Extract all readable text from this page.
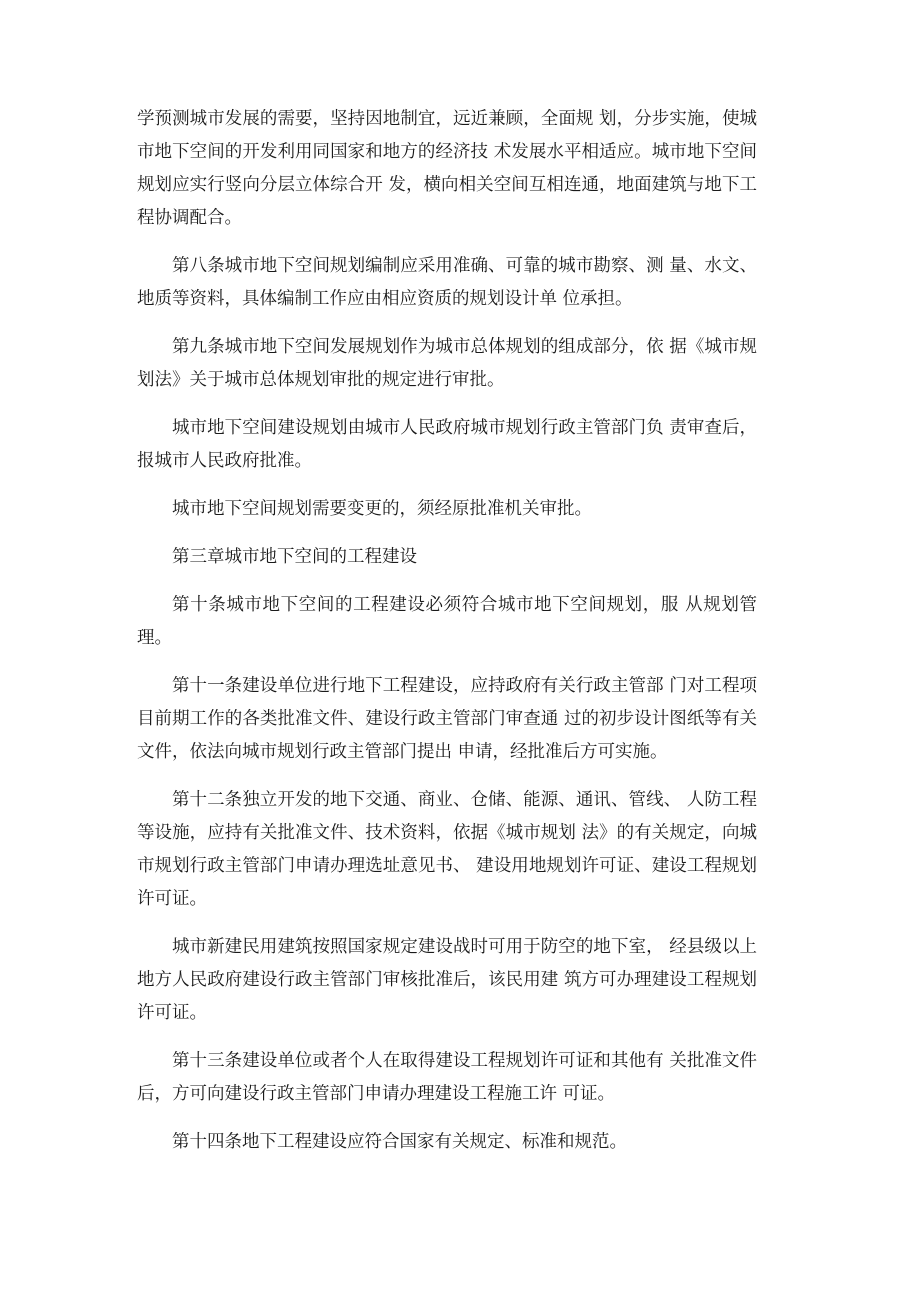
学预测城市发展的需要，坚持因地制宜，远近兼顾，全面规 划，分步实施，使城市地下空间的开发利用同国家和地方的经济技 术发展水平相适应。城市地下空间规划应实行竖向分层立体综合开 发，横向相关空间互相连通，地面建筑与地下工程协调配合。

第八条城市地下空间规划编制应采用准确、可靠的城市勘察、测 量、水文、地质等资料，具体编制工作应由相应资质的规划设计单 位承担。

第九条城市地下空间发展规划作为城市总体规划的组成部分，依 据《城市规划法》关于城市总体规划审批的规定进行审批。

城市地下空间建设规划由城市人民政府城市规划行政主管部门负 责审查后，报城市人民政府批准。

城市地下空间规划需要变更的，须经原批准机关审批。

第三章城市地下空间的工程建设

第十条城市地下空间的工程建设必须符合城市地下空间规划，服 从规划管理。

第十一条建设单位进行地下工程建设，应持政府有关行政主管部 门对工程项目前期工作的各类批准文件、建设行政主管部门审查通 过的初步设计图纸等有关文件，依法向城市规划行政主管部门提出 申请，经批准后方可实施。

第十二条独立开发的地下交通、商业、仓储、能源、通讯、管线、 人防工程等设施，应持有关批准文件、技术资料，依据《城市规划 法》的有关规定，向城市规划行政主管部门申请办理选址意见书、 建设用地规划许可证、建设工程规划许可证。

城市新建民用建筑按照国家规定建设战时可用于防空的地下室， 经县级以上地方人民政府建设行政主管部门审核批准后，该民用建 筑方可办理建设工程规划许可证。

第十三条建设单位或者个人在取得建设工程规划许可证和其他有 关批准文件后，方可向建设行政主管部门申请办理建设工程施工许 可证。

第十四条地下工程建设应符合国家有关规定、标准和规范。
